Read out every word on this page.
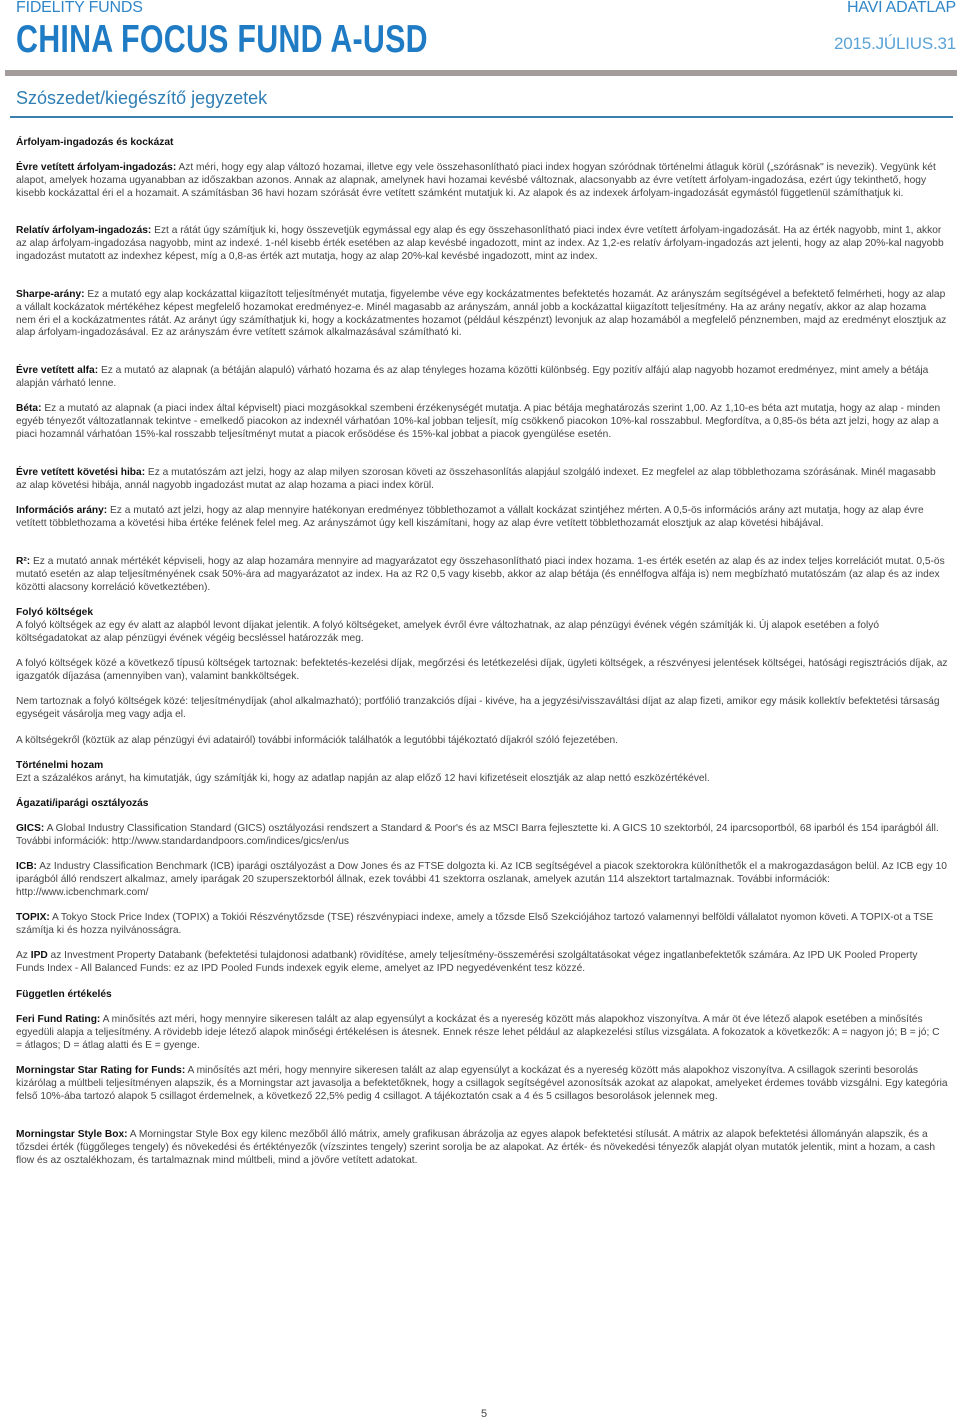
FIDELITY FUNDS
CHINA FOCUS FUND A-USD
HAVI ADATLAP
2015.JÚLIUS.31
Szószedet/kiegészítő jegyzetek
Árfolyam-ingadozás és kockázat
Évre vetített árfolyam-ingadozás: Azt méri, hogy egy alap változó hozamai, illetve egy vele összehasonlítható piaci index hogyan szóródnak történelmi átlaguk körül („szórásnak" is nevezik). Vegyünk két alapot, amelyek hozama ugyanabban az időszakban azonos. Annak az alapnak, amelynek havi hozamai kevésbé változnak, alacsonyabb az évre vetített árfolyam-ingadozása, ezért úgy tekinthető, hogy kisebb kockázattal éri el a hozamait. A számításban 36 havi hozam szórását évre vetített számként mutatjuk ki. Az alapok és az indexek árfolyam-ingadozását egymástól függetlenül számíthatjuk ki.
Relatív árfolyam-ingadozás: Ezt a rátát úgy számítjuk ki, hogy összevetjük egymással egy alap és egy összehasonlítható piaci index évre vetített árfolyam-ingadozását. Ha az érték nagyobb, mint 1, akkor az alap árfolyam-ingadozása nagyobb, mint az indexé. 1-nél kisebb érték esetében az alap kevésbé ingadozott, mint az index. Az 1,2-es relatív árfolyam-ingadozás azt jelenti, hogy az alap 20%-kal nagyobb ingadozást mutatott az indexhez képest, míg a 0,8-as érték azt mutatja, hogy az alap 20%-kal kevésbé ingadozott, mint az index.
Sharpe-arány: Ez a mutató egy alap kockázattal kiigazított teljesítményét mutatja, figyelembe véve egy kockázatmentes befektetés hozamát. Az arányszám segítségével a befektető felmérheti, hogy az alap a vállalt kockázatok mértékéhez képest megfelelő hozamokat eredményez-e. Minél magasabb az arányszám, annál jobb a kockázattal kiigazított teljesítmény. Ha az arány negatív, akkor az alap hozama nem éri el a kockázatmentes rátát. Az arányt úgy számíthatjuk ki, hogy a kockázatmentes hozamot (például készpénzt) levonjuk az alap hozamából a megfelelő pénznemben, majd az eredményt elosztjuk az alap árfolyam-ingadozásával. Ez az arányszám évre vetített számok alkalmazásával számítható ki.
Évre vetített alfa: Ez a mutató az alapnak (a bétáján alapuló) várható hozama és az alap tényleges hozama közötti különbség. Egy pozitív alfájú alap nagyobb hozamot eredményez, mint amely a bétája alapján várható lenne.
Béta: Ez a mutató az alapnak (a piaci index által képviselt) piaci mozgásokkal szembeni érzékenységét mutatja. A piac bétája meghatározás szerint 1,00. Az 1,10-es béta azt mutatja, hogy az alap - minden egyéb tényezőt változatlannak tekintve - emelkedő piacokon az indexnél várhatóan 10%-kal jobban teljesít, míg csökkenő piacokon 10%-kal rosszabbul. Megfordítva, a 0,85-ös béta azt jelzi, hogy az alap a piaci hozamnál várhatóan 15%-kal rosszabb teljesítményt mutat a piacok erősödése és 15%-kal jobbat a piacok gyengülése esetén.
Évre vetített követési hiba: Ez a mutatószám azt jelzi, hogy az alap milyen szorosan követi az összehasonlítás alapjául szolgáló indexet. Ez megfelel az alap többlethozama szórásának. Minél magasabb az alap követési hibája, annál nagyobb ingadozást mutat az alap hozama a piaci index körül.
Információs arány: Ez a mutató azt jelzi, hogy az alap mennyire hatékonyan eredményez többlethozamot a vállalt kockázat szintjéhez mérten. A 0,5-ös információs arány azt mutatja, hogy az alap évre vetített többlethozama a követési hiba értéke felének felel meg. Az arányszámot úgy kell kiszámítani, hogy az alap évre vetített többlethozamát elosztjuk az alap követési hibájával.
R²: Ez a mutató annak mértékét képviseli, hogy az alap hozamára mennyire ad magyarázatot egy összehasonlítható piaci index hozama. 1-es érték esetén az alap és az index teljes korrelációt mutat. 0,5-ös mutató esetén az alap teljesítményének csak 50%-ára ad magyarázatot az index. Ha az R2 0,5 vagy kisebb, akkor az alap bétája (és ennélfogva alfája is) nem megbízható mutatószám (az alap és az index közötti alacsony korreláció következtében).
Folyó költségek
A folyó költségek az egy év alatt az alapból levont díjakat jelentik. A folyó költségeket, amelyek évről évre változhatnak, az alap pénzügyi évének végén számítják ki. Új alapok esetében a folyó költségadatokat az alap pénzügyi évének végéig becsléssel határozzák meg.
A folyó költségek közé a következő típusú költségek tartoznak: befektetés-kezelési díjak, megőrzési és letétkezelési díjak, ügyleti költségek, a részvényesi jelentések költségei, hatósági regisztrációs díjak, az igazgatók díjazása (amennyiben van), valamint bankköltségek.
Nem tartoznak a folyó költségek közé: teljesítménydíjak (ahol alkalmazható); portfólió tranzakciós díjai - kivéve, ha a jegyzési/visszaváltási díjat az alap fizeti, amikor egy másik kollektív befektetési társaság egységeit vásárolja meg vagy adja el.
A költségekről (köztük az alap pénzügyi évi adatairól) további információk találhatók a legutóbbi tájékoztató díjakról szóló fejezetében.
Történelmi hozam
Ezt a százalékos arányt, ha kimutatják, úgy számítják ki, hogy az adatlap napján az alap előző 12 havi kifizetéseit elosztják az alap nettó eszközértékével.
Ágazati/iparági osztályozás
GICS: A Global Industry Classification Standard (GICS) osztályozási rendszert a Standard & Poor's és az MSCI Barra fejlesztette ki. A GICS 10 szektorból, 24 iparcsoportból, 68 iparból és 154 iparágból áll. További információk: http://www.standardandpoors.com/indices/gics/en/us
ICB: Az Industry Classification Benchmark (ICB) iparági osztályozást a Dow Jones és az FTSE dolgozta ki. Az ICB segítségével a piacok szektorokra különíthetők el a makrogazdaságon belül. Az ICB egy 10 iparágból álló rendszert alkalmaz, amely iparágak 20 szuperszektorból állnak, ezek további 41 szektorra oszlanak, amelyek azután 114 alszektort tartalmaznak. További információk: http://www.icbenchmark.com/
TOPIX: A Tokyo Stock Price Index (TOPIX) a Tokiói Részvénytőzsde (TSE) részvénypiaci indexe, amely a tőzsde Első Szekciójához tartozó valamennyi belföldi vállalatot nyomon követi. A TOPIX-ot a TSE számítja ki és hozza nyilvánosságra.
Az IPD az Investment Property Databank (befektetési tulajdonosi adatbank) rövidítése, amely teljesítmény-összemérési szolgáltatásokat végez ingatlanbefektetők számára. Az IPD UK Pooled Property Funds Index - All Balanced Funds: ez az IPD Pooled Funds indexek egyik eleme, amelyet az IPD negyedévenként tesz közzé.
Független értékelés
Feri Fund Rating: A minősítés azt méri, hogy mennyire sikeresen talált az alap egyensúlyt a kockázat és a nyereség között más alapokhoz viszonyítva. A már öt éve létező alapok esetében a minősítés egyedüli alapja a teljesítmény. A rövidebb ideje létező alapok minőségi értékelésen is átesnek. Ennek része lehet például az alapkezelési stílus vizsgálata. A fokozatok a következők: A = nagyon jó; B = jó; C = átlagos; D = átlag alatti és E = gyenge.
Morningstar Star Rating for Funds: A minősítés azt méri, hogy mennyire sikeresen talált az alap egyensúlyt a kockázat és a nyereség között más alapokhoz viszonyítva. A csillagok szerinti besorolás kizárólag a múltbeli teljesítményen alapszik, és a Morningstar azt javasolja a befektetőknek, hogy a csillagok segítségével azonosítsák azokat az alapokat, amelyeket érdemes tovább vizsgálni. Egy kategória felső 10%-ába tartozó alapok 5 csillagot érdemelnek, a következő 22,5% pedig 4 csillagot. A tájékoztatón csak a 4 és 5 csillagos besorolások jelennek meg.
Morningstar Style Box: A Morningstar Style Box egy kilenc mezőből álló mátrix, amely grafikusan ábrázolja az egyes alapok befektetési stílusát. A mátrix az alapok befektetési állományán alapszik, és a tőzsdei érték (függőleges tengely) és növekedési és értéktényezők (vízszintes tengely) szerint sorolja be az alapokat. Az érték- és növekedési tényezők alapját olyan mutatók jelentik, mint a hozam, a cash flow és az osztalékhozam, és tartalmaznak mind múltbeli, mind a jövőre vetített adatokat.
5
